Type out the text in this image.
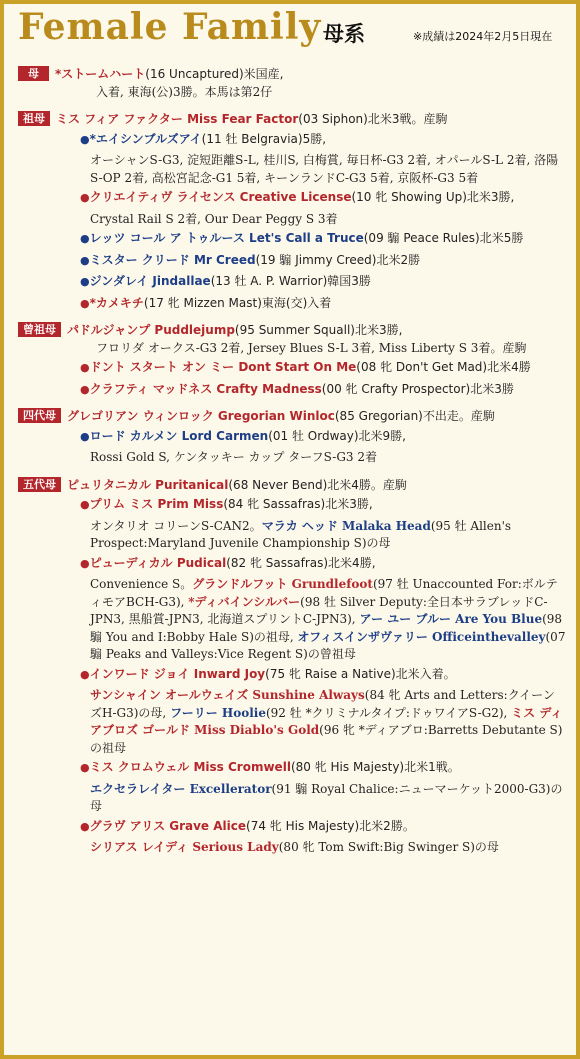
Female Family 母系	※成績は2024年2月5日現在
母 *ストームハート(16 Uncaptured)米国産,
入着, 東海(公)3勝。本馬は第2仔
祖母 ミス フィア ファクター Miss Fear Factor(03 Siphon)北米3戦。産駒
●*エイシンブルズアイ(11 牡 Belgravia)5勝,
オーシャンS-G3, 淀短距離S-L, 桂川S, 白梅賞, 毎日杯-G3 2着, オパールS-L 2着, 洛陽S-OP 2着, 高松宮記念-G1 5着, キーンランドC-G3 5着, 京阪杯-G3 5着
●クリエイティヴ ライセンス Creative License(10 牝 Showing Up)北米3勝,
Crystal Rail S 2着, Our Dear Peggy S 3着
●レッツ コール ア トゥルース Let's Call a Truce(09 騸 Peace Rules)北米5勝
●ミスター クリード Mr Creed(19 騸 Jimmy Creed)北米2勝
●ジンダレイ Jindallae(13 牡 A. P. Warrior)韓国3勝
●*カメキチ(17 牝 Mizzen Mast)東海(交)入着
曾祖母 パドルジャンプ Puddlejump(95 Summer Squall)北米3勝,
フロリダ オークス-G3 2着, Jersey Blues S-L 3着, Miss Liberty S 3着。産駒
●ドント スタート オン ミー Dont Start On Me(08 牝 Don't Get Mad)北米4勝
●クラフティ マッドネス Crafty Madness(00 牝 Crafty Prospector)北米3勝
四代母 グレゴリアン ウィンロック Gregorian Winloc(85 Gregorian)不出走。産駒
●ロード カルメン Lord Carmen(01 牡 Ordway)北米9勝,
Rossi Gold S, ケンタッキー カップ ターフS-G3 2着
五代母 ピュリタニカル Puritanical(68 Never Bend)北米4勝。産駒
●プリム ミス Prim Miss(84 牝 Sassafras)北米3勝,
オンタリオ コリーンS-CAN2。マラカ ヘッド Malaka Head(95 牡 Allen's Prospect:Maryland Juvenile Championship S)の母
●ピューディカル Pudical(82 牝 Sassafras)北米4勝,
Convenience S。グランドルフット Grundlefoot(97 牡 Unaccounted For:ボルティモアBCH-G3), *ディバインシルバー(98 牡 Silver Deputy:全日本サラブレッドC-JPN3, 黒船賞-JPN3, 北海道スプリントC-JPN3), アー ユー ブルー Are You Blue(98 騸 You and I:Bobby Hale S)の祖母, オフィスインザヴァリー Officeinthevalley(07 騸 Peaks and Valleys:Vice Regent S)の曾祖母
●インワード ジョイ Inward Joy(75 牝 Raise a Native)北米入着。
サンシャイン オールウェイズ Sunshine Always(84 牝 Arts and Letters:クイーンズH-G3)の母, フーリー Hoolie(92 牡 *クリミナルタイプ:ドゥワイアS-G2), ミス ディアブロズ ゴールド Miss Diablo's Gold(96 牝 *ディアブロ:Barretts Debutante S)の祖母
●ミス クロムウェル Miss Cromwell(80 牝 His Majesty)北米1戦。
エクセラレイター Excellerator(91 騸 Royal Chalice:ニューマーケット2000-G3)の母
●グラヴ アリス Grave Alice(74 牝 His Majesty)北米2勝。
シリアス レイディ Serious Lady(80 牝 Tom Swift:Big Swinger S)の母
